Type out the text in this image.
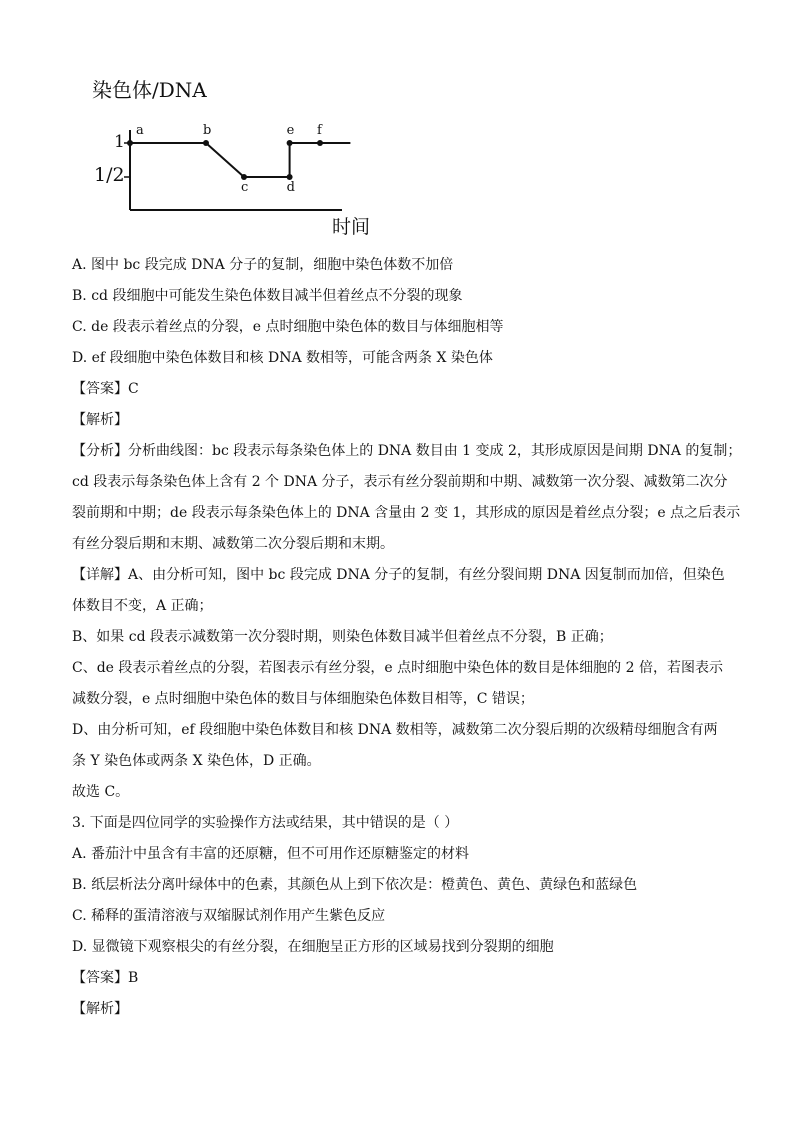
染色体/DNA
时间
1
1/2
a	b
c	d
e f
A. 图中 bc 段完成 DNA 分子的复制，细胞中染色体数不加倍
B. cd 段细胞中可能发生染色体数目减半但着丝点不分裂的现象
C. de 段表示着丝点的分裂，e 点时细胞中染色体的数目与体细胞相等
D. ef 段细胞中染色体数目和核 DNA 数相等，可能含两条 X 染色体
【答案】C
【解析】
【分析】分析曲线图：bc 段表示每条染色体上的 DNA 数目由 1 变成 2，其形成原因是间期 DNA 的复制；
cd 段表示每条染色体上含有 2 个 DNA 分子，表示有丝分裂前期和中期、减数第一次分裂、减数第二次分
裂前期和中期；de 段表示每条染色体上的 DNA 含量由 2 变 1，其形成的原因是着丝点分裂；e 点之后表示
有丝分裂后期和末期、减数第二次分裂后期和末期。
【详解】A、由分析可知，图中 bc 段完成 DNA 分子的复制，有丝分裂间期 DNA 因复制而加倍，但染色
体数目不变，A 正确；
B、如果 cd 段表示减数第一次分裂时期，则染色体数目减半但着丝点不分裂，B 正确；
C、de 段表示着丝点的分裂，若图表示有丝分裂，e 点时细胞中染色体的数目是体细胞的 2 倍，若图表示
减数分裂，e 点时细胞中染色体的数目与体细胞染色体数目相等，C 错误；
D、由分析可知，ef 段细胞中染色体数目和核 DNA 数相等，减数第二次分裂后期的次级精母细胞含有两
条 Y 染色体或两条 X 染色体，D 正确。
故选 C。
3. 下面是四位同学的实验操作方法或结果，其中错误的是（ ）
A. 番茄汁中虽含有丰富的还原糖，但不可用作还原糖鉴定的材料
B. 纸层析法分离叶绿体中的色素，其颜色从上到下依次是：橙黄色、黄色、黄绿色和蓝绿色
C. 稀释的蛋清溶液与双缩脲试剂作用产生紫色反应
D. 显微镜下观察根尖的有丝分裂，在细胞呈正方形的区域易找到分裂期的细胞
【答案】B
【解析】
